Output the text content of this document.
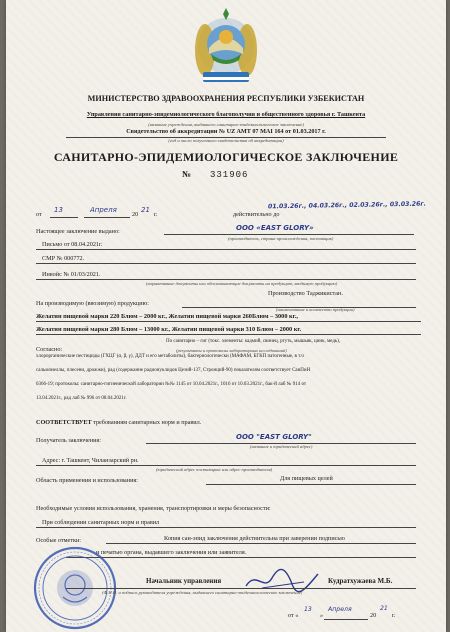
МИНИСТЕРСТВО ЗДРАВООХРАНЕНИЯ РЕСПУБЛИКИ УЗБЕКИСТАН
Управления санитарно-эпидемиологического благополучия и общественного здоровья г. Ташкента
(название учреждения, выдавшего санитарно-эпидемиологическое заключение)
Свидетельство об аккредитации № UZ AMT 07 MAI 164 от 01.03.2017 г.
(год и число полученного свидетельства об аккредитации)
САНИТАРНО-ЭПИДЕМИОЛОГИЧЕСКОЕ ЗАКЛЮЧЕНИЕ
№ 331906
от
13	Апреля
20
21
г.	действительно до
01.03.26г., 04.03.26г., 02.03.26г., 03.03.26г.
Настоящее заключение выдано:	ООО «EAST GLORY»
(производитель, страна происхождения, поставщик)
Письмо от 08.04.2021г.
СМР № 000772.
Инвойс № 01/03/2021.
(нормативные документы или обосновывающие документы на продукцию, вводимую продукцию)
Производство Таджикистан.
На производимую (ввозимую) продукцию:
(наименование и количество продукции)
Желатин пищевой марки 220 Блюм – 2000 кг., Желатин пищевой марки 260Блюм – 3000 кг.,
Желатин пищевой марки 280 Блюм – 13000 кг., Желатин пищевой марки 310 Блюм – 2000 кг.
Согласно:
По санитарно – гиг (токс. элементы: кадмий, свинец, ртуть, мышьяк, цинк, медь),
(результаты и протоколы лабораторных исследований)
хлорорганические пестициды (ГХЦГ (α, β, γ), ДДТ и его метаболиты), бактериологически (МАФАМ, БГКП патогенные, в т.ч
сальмонеллы, плесени, дрожжи), рад (содержание радионуклидов Цезий-137, Стронций-90) показателям соответствует СанПиН
0366-19; протоколы: санитарно-гигиенической лаборатории №№ 1145 от 10.04.2021г., 1016 от 10.03.2021г., бак-й лаб № 914 от
13.04.2021г., рад лаб № 996 от 08.04.2021г.
СООТВЕТСТВУЕТ требованиям санитарных норм и правил.
Получатель заключения:	ООО "EAST GLORY"
(название и юридический адрес)
Адрес: г. Ташкент, Чиланзарский рн.
(юридический адрес поставщика или адрес производителя)
Область применения и использования:	Для пищевых целей
Необходимые условия использования, хранения, транспортировки и меры безопасности:
При соблюдении санитарных норм и правил
Особые отметки:	Копия сан-эпид заключения действительна при заверении подписью
и печатью органа, выдавшего заключения или заявителя.
Начальник управления	Кудратхужаева М.Б.
(Ф.И.О. и подпись руководителя учреждения, выдавшего санитарно-эпидемиологическое заключение)
от «
13
»
Апреля
20
21
г.
